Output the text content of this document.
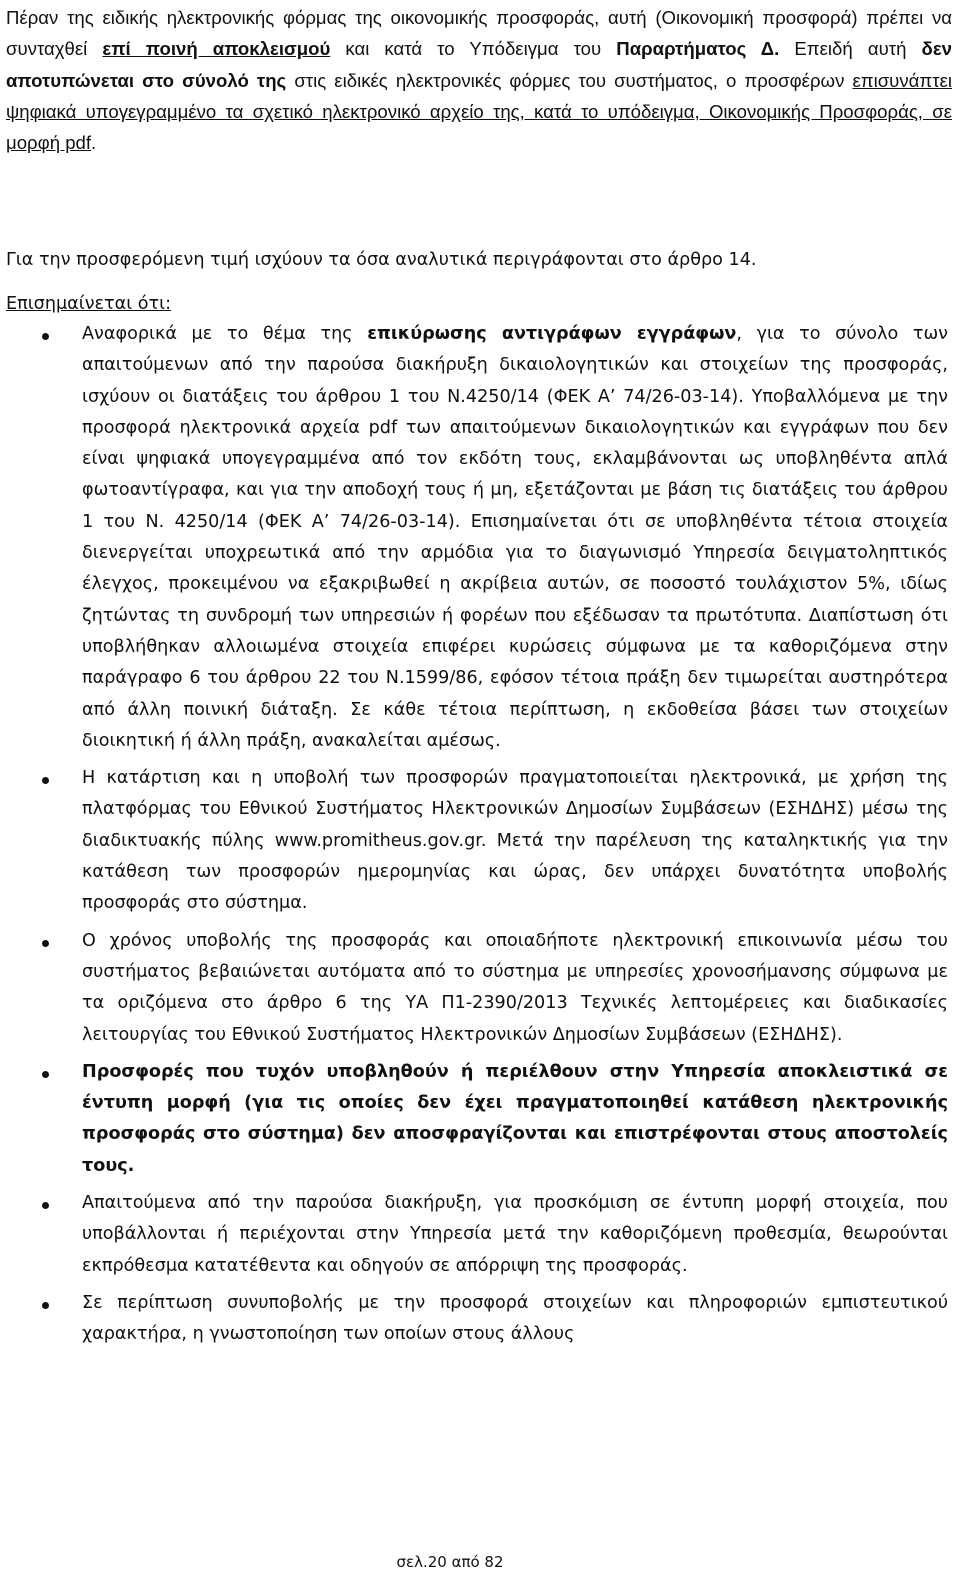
Πέραν της ειδικής ηλεκτρονικής φόρμας της οικονομικής προσφοράς, αυτή (Οικονομική προσφορά) πρέπει να συνταχθεί επί ποινή αποκλεισμού και κατά το Υπόδειγμα του Παραρτήματος Δ. Επειδή αυτή δεν αποτυπώνεται στο σύνολό της στις ειδικές ηλεκτρονικές φόρμες του συστήματος, ο προσφέρων επισυνάπτει ψηφιακά υπογεγραμμένο τα σχετικό ηλεκτρονικό αρχείο της, κατά το υπόδειγμα, Οικονομικής Προσφοράς, σε μορφή pdf.

Για την προσφερόμενη τιμή ισχύουν τα όσα αναλυτικά περιγράφονται στο άρθρο 14.

Επισημαίνεται ότι:

Αναφορικά με το θέμα της επικύρωσης αντιγράφων εγγράφων, για το σύνολο των απαιτούμενων από την παρούσα διακήρυξη δικαιολογητικών και στοιχείων της προσφοράς, ισχύουν οι διατάξεις του άρθρου 1 του Ν.4250/14 (ΦΕΚ Α’ 74/26-03-14). Υποβαλλόμενα με την προσφορά ηλεκτρονικά αρχεία pdf των απαιτούμενων δικαιολογητικών και εγγράφων που δεν είναι ψηφιακά υπογεγραμμένα από τον εκδότη τους, εκλαμβάνονται ως υποβληθέντα απλά φωτοαντίγραφα, και για την αποδοχή τους ή μη, εξετάζονται με βάση τις διατάξεις του άρθρου 1 του Ν. 4250/14 (ΦΕΚ Α’ 74/26-03-14). Επισημαίνεται ότι σε υποβληθέντα τέτοια στοιχεία διενεργείται υποχρεωτικά από την αρμόδια για το διαγωνισμό Υπηρεσία δειγματοληπτικός έλεγχος, προκειμένου να εξακριβωθεί η ακρίβεια αυτών, σε ποσοστό τουλάχιστον 5%, ιδίως ζητώντας τη συνδρομή των υπηρεσιών ή φορέων που εξέδωσαν τα πρωτότυπα. Διαπίστωση ότι υποβλήθηκαν αλλοιωμένα στοιχεία επιφέρει κυρώσεις σύμφωνα με τα καθοριζόμενα στην παράγραφο 6 του άρθρου 22 του Ν.1599/86, εφόσον τέτοια πράξη δεν τιμωρείται αυστηρότερα από άλλη ποινική διάταξη. Σε κάθε τέτοια περίπτωση, η εκδοθείσα βάσει των στοιχείων διοικητική ή άλλη πράξη, ανακαλείται αμέσως.
Η κατάρτιση και η υποβολή των προσφορών πραγματοποιείται ηλεκτρονικά, με χρήση της πλατφόρμας του Εθνικού Συστήματος Ηλεκτρονικών Δημοσίων Συμβάσεων (ΕΣΗΔΗΣ) μέσω της διαδικτυακής πύλης www.promitheus.gov.gr. Μετά την παρέλευση της καταληκτικής για την κατάθεση των προσφορών ημερομηνίας και ώρας, δεν υπάρχει δυνατότητα υποβολής προσφοράς στο σύστημα.
Ο χρόνος υποβολής της προσφοράς και οποιαδήποτε ηλεκτρονική επικοινωνία μέσω του συστήματος βεβαιώνεται αυτόματα από το σύστημα με υπηρεσίες χρονοσήμανσης σύμφωνα με τα οριζόμενα στο άρθρο 6 της ΥΑ Π1-2390/2013 Τεχνικές λεπτομέρειες και διαδικασίες λειτουργίας του Εθνικού Συστήματος Ηλεκτρονικών Δημοσίων Συμβάσεων (ΕΣΗΔΗΣ).
Προσφορές που τυχόν υποβληθούν ή περιέλθουν στην Υπηρεσία αποκλειστικά σε έντυπη μορφή (για τις οποίες δεν έχει πραγματοποιηθεί κατάθεση ηλεκτρονικής προσφοράς στο σύστημα) δεν αποσφραγίζονται και επιστρέφονται στους αποστολείς τους.
Απαιτούμενα από την παρούσα διακήρυξη, για προσκόμιση σε έντυπη μορφή στοιχεία, που υποβάλλονται ή περιέχονται στην Υπηρεσία μετά την καθοριζόμενη προθεσμία, θεωρούνται εκπρόθεσμα κατατέθεντα και οδηγούν σε απόρριψη της προσφοράς.
Σε περίπτωση συνυποβολής με την προσφορά στοιχείων και πληροφοριών εμπιστευτικού χαρακτήρα, η γνωστοποίηση των οποίων στους άλλους
σελ.20 από 82
